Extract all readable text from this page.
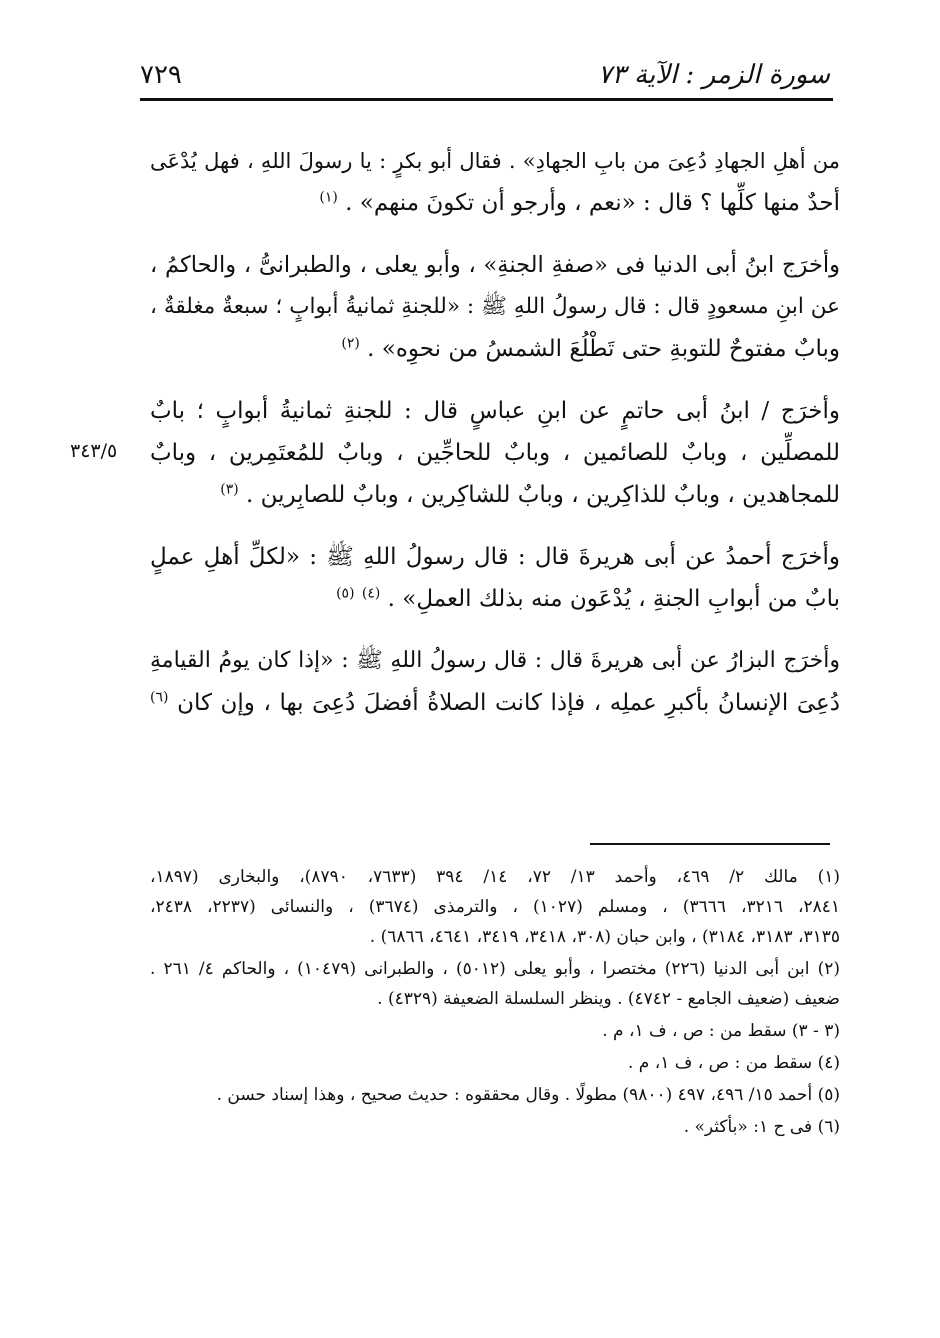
سورة الزمر : الآية ٧٣
٧٢٩
٣٤٣/٥
من أهلِ الجهادِ دُعِىَ من بابِ الجهادِ» . فقال أبو بكرٍ : يا رسولَ اللهِ ، فهل يُدْعَى
أحدٌ منها كلِّها ؟ قال : «نعم ، وأرجو أن تكونَ منهم» . $^{(١)}$
وأخرَج ابنُ أبى الدنيا فى «صفةِ الجنةِ» ، وأبو يعلى ، والطبرانىُّ ، والحاكمُ ،
عن ابنِ مسعودٍ قال : قال رسولُ اللهِ ﷺ : «للجنةِ ثمانيةُ أبوابٍ ؛ سبعةٌ مغلقةٌ ،
وبابٌ مفتوحٌ للتوبةِ حتى تَطْلُعَ الشمسُ من نحوِه» . $^{(٢)}$
وأخرَج / ابنُ أبى حاتمٍ عن ابنِ عباسٍ قال : للجنةِ ثمانيةُ أبوابٍ ؛ بابٌ
للمصلِّين ، وبابٌ للصائمين ، وبابٌ للحاجِّين ، وبابٌ للمُعتَمِرين ، وبابٌ
للمجاهدين ، وبابٌ للذاكِرين ، وبابٌ للشاكِرين ، وبابٌ للصابِرين . $^{(٣)}$
وأخرَج أحمدُ عن أبى هريرةَ قال : قال رسولُ اللهِ ﷺ : «لكلِّ أهلِ عملٍ
بابٌ من أبوابِ الجنةِ ، يُدْعَون منه بذلك العملِ» . $^{(٤)}$ $^{(٥)}$
وأخرَج البزارُ عن أبى هريرةَ قال : قال رسولُ اللهِ ﷺ : «إذا كان يومُ القيامةِ
دُعِىَ الإنسانُ بأكبرِ عملِه ، فإذا كانت الصلاةُ أفضلَ دُعِىَ بها ، وإن كان $^{(٦)}$
(١) مالك ٢/ ٤٦٩، وأحمد ١٣/ ٧٢، ١٤/ ٣٩٤ (٧٦٣٣، ٨٧٩٠)، والبخارى (١٨٩٧،
٢٨٤١، ٣٢١٦، ٣٦٦٦) ، ومسلم (١٠٢٧) ، والترمذى (٣٦٧٤) ، والنسائى (٢٢٣٧، ٢٤٣٨،
٣١٣٥، ٣١٨٣، ٣١٨٤) ، وابن حبان (٣٠٨، ٣٤١٨، ٣٤١٩، ٤٦٤١، ٦٨٦٦) .
(٢) ابن أبى الدنيا (٢٢٦) مختصرا ، وأبو يعلى (٥٠١٢) ، والطبرانى (١٠٤٧٩) ، والحاكم ٤/ ٢٦١ .
ضعيف (ضعيف الجامع - ٤٧٤٢) . وينظر السلسلة الضعيفة (٤٣٢٩) .
(٣ - ٣) سقط من : ص ، ف ١، م .
(٤) سقط من : ص ، ف ١، م .
(٥) أحمد ١٥/ ٤٩٦، ٤٩٧ (٩٨٠٠) مطولًا . وقال محققوه : حديث صحيح ، وهذا إسناد حسن .
(٦) فى ح ١: «بأكثر» .
